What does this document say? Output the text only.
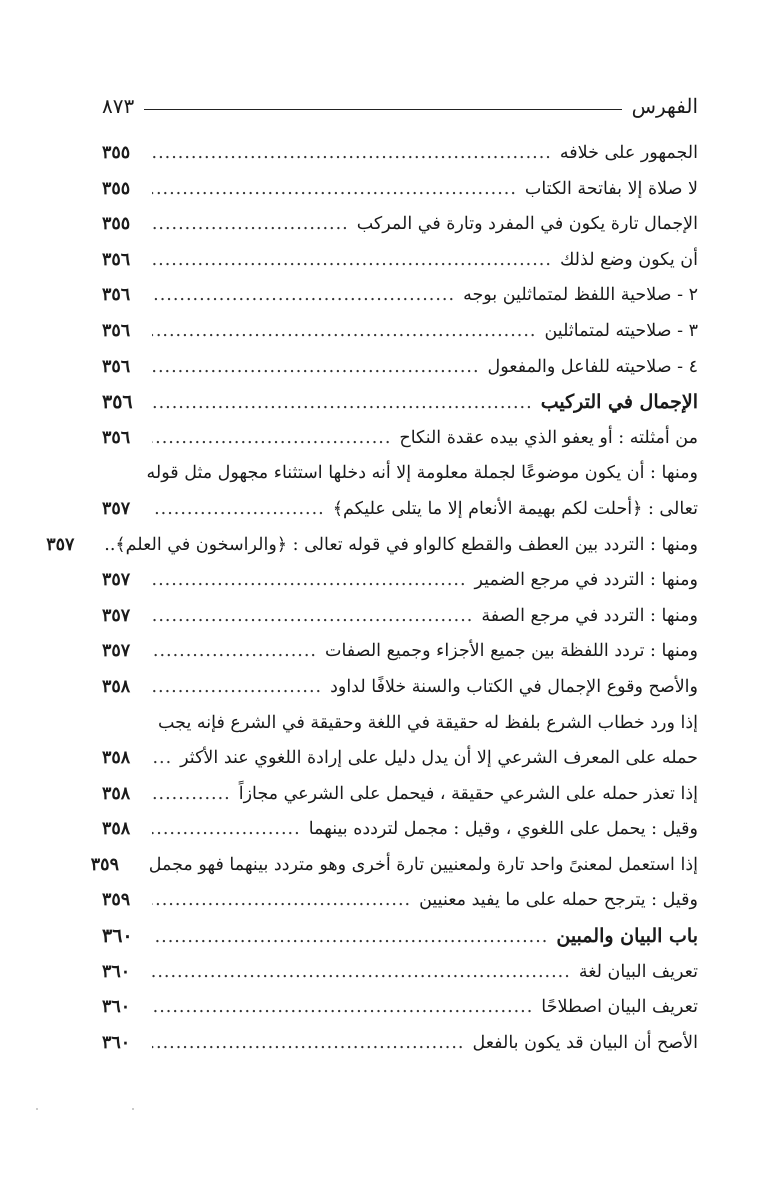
الفهرس
٨٧٣
الجمهور على خلافه
.....
٣٥٥
لا صلاة إلا بفاتحة الكتاب
.....
٣٥٥
الإجمال تارة يكون في المفرد وتارة في المركب
.....
٣٥٥
أن يكون وضع لذلك
.....
٣٥٦
٢ - صلاحية اللفظ لمتماثلين بوجه
.....
٣٥٦
٣ - صلاحيته لمتماثلين
.....
٣٥٦
٤ - صلاحيته للفاعل والمفعول
.....
٣٥٦
الإجمال في التركيب
.....
٣٥٦
من أمثلته : أو يعفو الذي بيده عقدة النكاح
.....
٣٥٦
ومنها : أن يكون موضوعًا لجملة معلومة إلا أنه دخلها استثناء مجهول مثل قوله
تعالى : ﴿أحلت لكم بهيمة الأنعام إلا ما يتلى عليكم﴾
.....
٣٥٧
ومنها : التردد بين العطف والقطع كالواو في قوله تعالى : ﴿والراسخون في العلم﴾..
٣٥٧
ومنها : التردد في مرجع الضمير
.....
٣٥٧
ومنها : التردد في مرجع الصفة
.....
٣٥٧
ومنها : تردد اللفظة بين جميع الأجزاء وجميع الصفات
.....
٣٥٧
والأصح وقوع الإجمال في الكتاب والسنة خلافًا لداود
.....
٣٥٨
إذا ورد خطاب الشرع بلفظ له حقيقة في اللغة وحقيقة في الشرع فإنه يجب
حمله على المعرف الشرعي إلا أن يدل دليل على إرادة اللغوي عند الأكثر
.....
٣٥٨
إذا تعذر حمله على الشرعي حقيقة ، فيحمل على الشرعي مجازاً
.....
٣٥٨
وقيل : يحمل على اللغوي ، وقيل : مجمل لتردده بينهما
.....
٣٥٨
إذا استعمل لمعنىً واحد تارة ولمعنيين تارة أخرى وهو متردد بينهما فهو مجمل
٣٥٩
وقيل : يترجح حمله على ما يفيد معنيين
.....
٣٥٩
باب البيان والمبين
.....
٣٦٠
تعريف البيان لغة
.....
٣٦٠
تعريف البيان اصطلاحًا
.....
٣٦٠
الأصح أن البيان قد يكون بالفعل
.....
٣٦٠
